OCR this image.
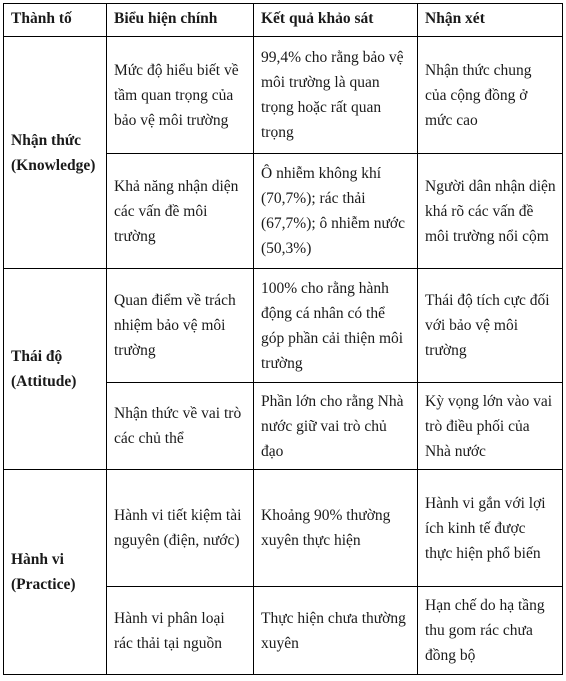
Thành tố	Biểu hiện chính	Kết quả khảo sát	Nhận xét

Nhận thức
(Knowledge)	Mức độ hiểu biết về tầm quan trọng của bảo vệ môi trường	99,4% cho rằng bảo vệ môi trường là quan trọng hoặc rất quan trọng	Nhận thức chung của cộng đồng ở mức cao
	Khả năng nhận diện các vấn đề môi trường	Ô nhiễm không khí (70,7%); rác thải (67,7%); ô nhiễm nước (50,3%)	Người dân nhận diện khá rõ các vấn đề môi trường nổi cộm

Thái độ
(Attitude)	Quan điểm về trách nhiệm bảo vệ môi trường	100% cho rằng hành động cá nhân có thể góp phần cải thiện môi trường	Thái độ tích cực đối với bảo vệ môi trường
	Nhận thức về vai trò các chủ thể	Phần lớn cho rằng Nhà nước giữ vai trò chủ đạo	Kỳ vọng lớn vào vai trò điều phối của Nhà nước

Hành vi
(Practice)	Hành vi tiết kiệm tài nguyên (điện, nước)	Khoảng 90% thường xuyên thực hiện	Hành vi gắn với lợi ích kinh tế được thực hiện phổ biến
	Hành vi phân loại rác thải tại nguồn	Thực hiện chưa thường xuyên	Hạn chế do hạ tầng thu gom rác chưa đồng bộ
